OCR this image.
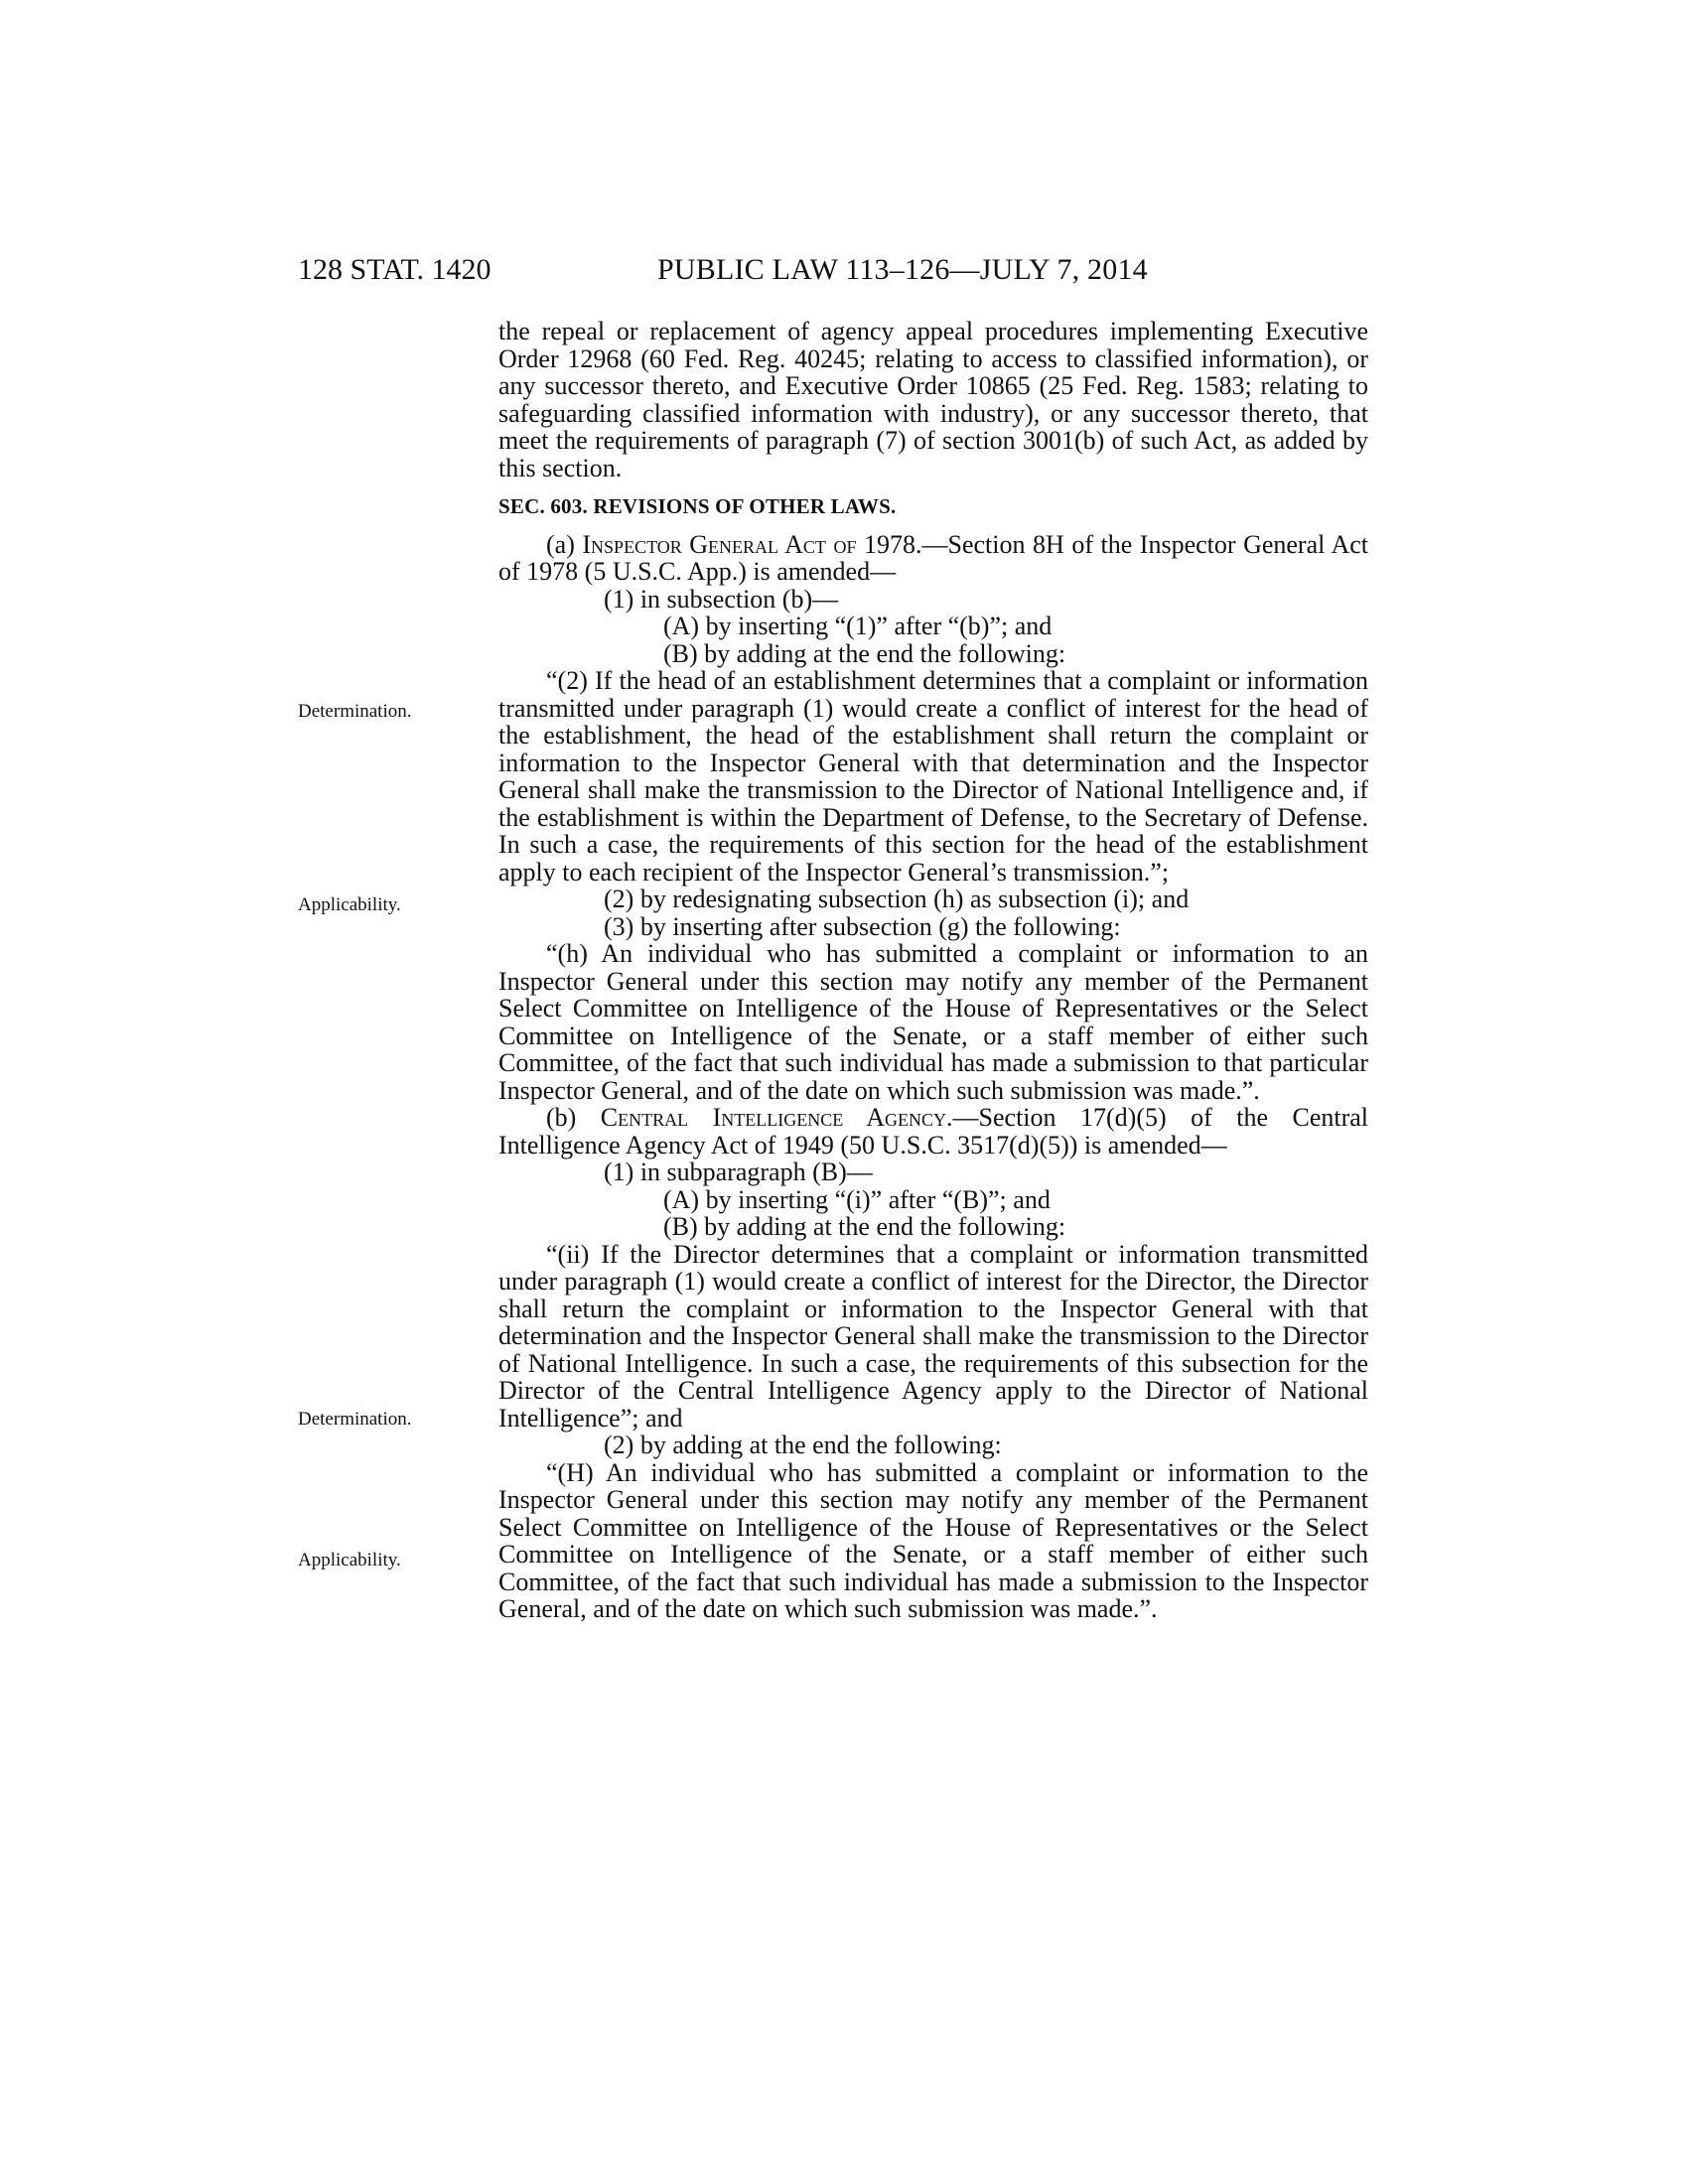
128 STAT. 1420	PUBLIC LAW 113–126—JULY 7, 2014
Determination.
Applicability.
Determination.
Applicability.

the repeal or replacement of agency appeal procedures implementing Executive Order 12968 (60 Fed. Reg. 40245; relating to access to classified information), or any successor thereto, and Executive Order 10865 (25 Fed. Reg. 1583; relating to safeguarding classified information with industry), or any successor thereto, that meet the requirements of paragraph (7) of section 3001(b) of such Act, as added by this section.

SEC. 603. REVISIONS OF OTHER LAWS.

(a) Inspector General Act of 1978.—Section 8H of the Inspector General Act of 1978 (5 U.S.C. App.) is amended—

(1) in subsection (b)—

(A) by inserting “(1)” after “(b)”; and

(B) by adding at the end the following:

“(2) If the head of an establishment determines that a complaint or information transmitted under paragraph (1) would create a conflict of interest for the head of the establishment, the head of the establishment shall return the complaint or information to the Inspector General with that determination and the Inspector General shall make the transmission to the Director of National Intelligence and, if the establishment is within the Department of Defense, to the Secretary of Defense. In such a case, the requirements of this section for the head of the establishment apply to each recipient of the Inspector General’s transmission.”;

(2) by redesignating subsection (h) as subsection (i); and

(3) by inserting after subsection (g) the following:

“(h) An individual who has submitted a complaint or information to an Inspector General under this section may notify any member of the Permanent Select Committee on Intelligence of the House of Representatives or the Select Committee on Intelligence of the Senate, or a staff member of either such Committee, of the fact that such individual has made a submission to that particular Inspector General, and of the date on which such submission was made.”.

(b) Central Intelligence Agency.—Section 17(d)(5) of the Central Intelligence Agency Act of 1949 (50 U.S.C. 3517(d)(5)) is amended—

(1) in subparagraph (B)—

(A) by inserting “(i)” after “(B)”; and

(B) by adding at the end the following:

“(ii) If the Director determines that a complaint or information transmitted under paragraph (1) would create a conflict of interest for the Director, the Director shall return the complaint or information to the Inspector General with that determination and the Inspector General shall make the transmission to the Director of National Intelligence. In such a case, the requirements of this subsection for the Director of the Central Intelligence Agency apply to the Director of National Intelligence”; and

(2) by adding at the end the following:

“(H) An individual who has submitted a complaint or information to the Inspector General under this section may notify any member of the Permanent Select Committee on Intelligence of the House of Representatives or the Select Committee on Intelligence of the Senate, or a staff member of either such Committee, of the fact that such individual has made a submission to the Inspector General, and of the date on which such submission was made.”.
